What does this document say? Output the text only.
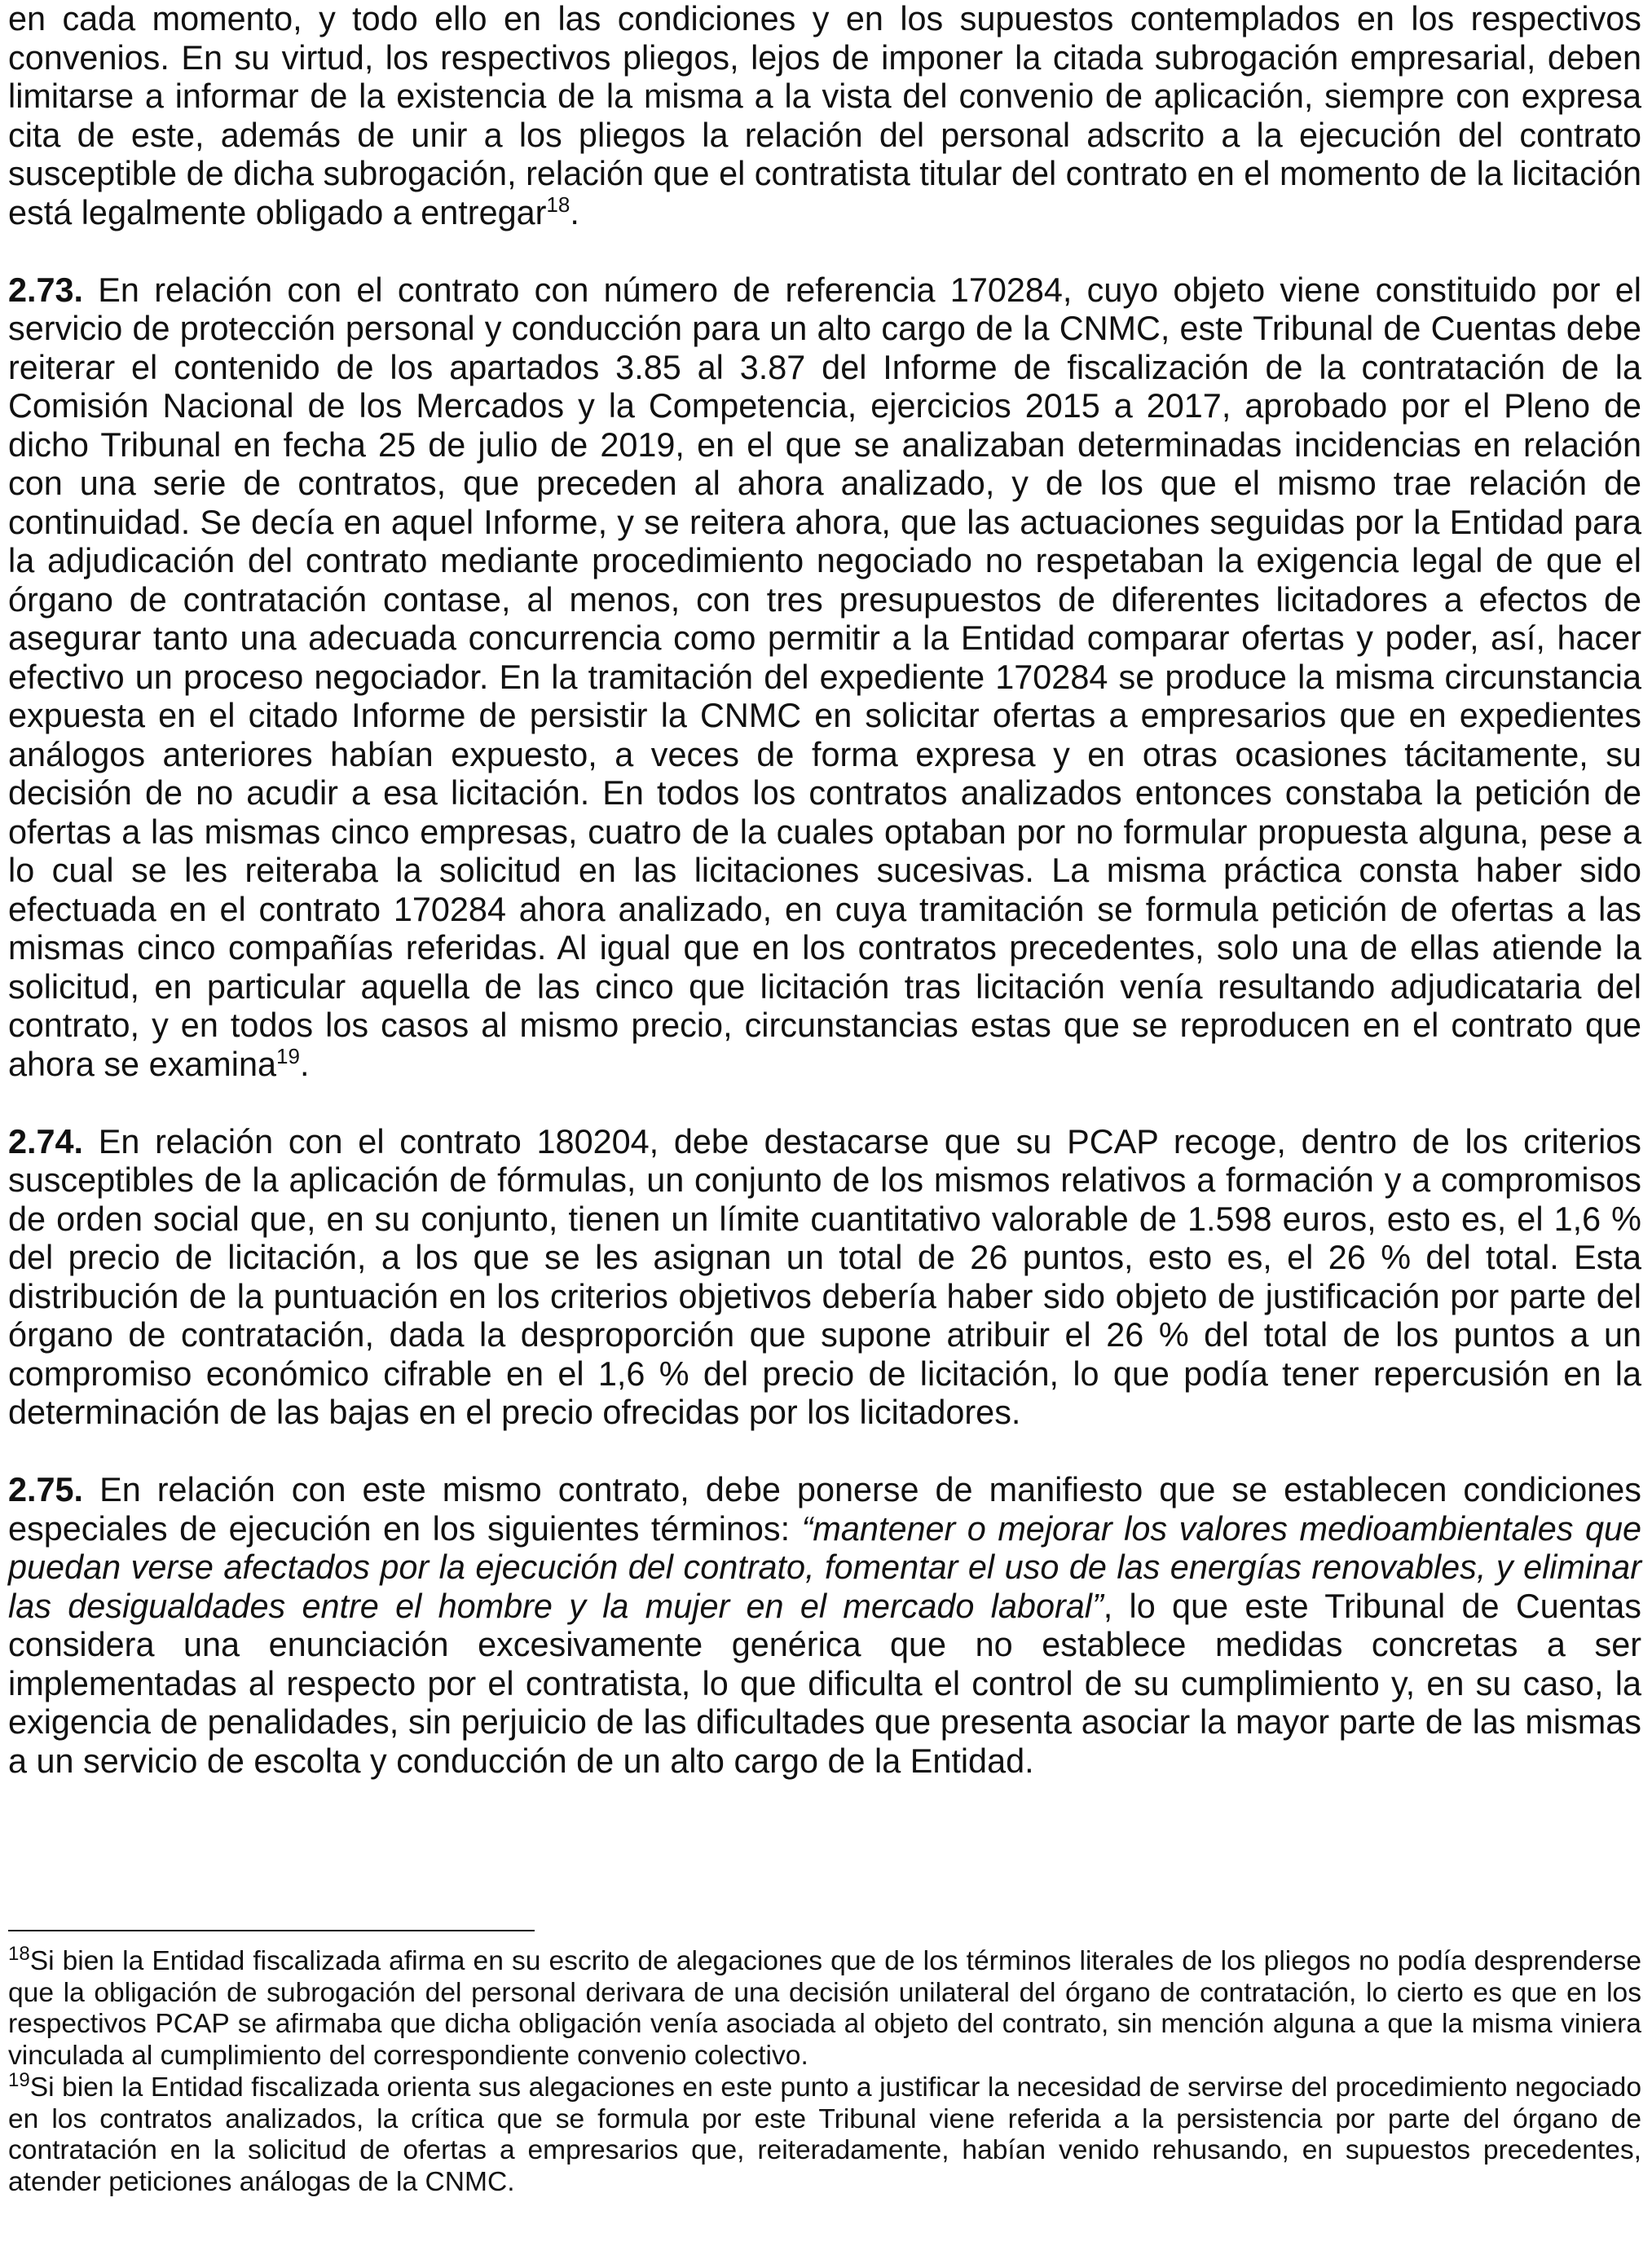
en cada momento, y todo ello en las condiciones y en los supuestos contemplados en los respectivos convenios. En su virtud, los respectivos pliegos, lejos de imponer la citada subrogación empresarial, deben limitarse a informar de la existencia de la misma a la vista del convenio de aplicación, siempre con expresa cita de este, además de unir a los pliegos la relación del personal adscrito a la ejecución del contrato susceptible de dicha subrogación, relación que el contratista titular del contrato en el momento de la licitación está legalmente obligado a entregar$^{18}$.

2.73. En relación con el contrato con número de referencia 170284, cuyo objeto viene constituido por el servicio de protección personal y conducción para un alto cargo de la CNMC, este Tribunal de Cuentas debe reiterar el contenido de los apartados 3.85 al 3.87 del Informe de fiscalización de la contratación de la Comisión Nacional de los Mercados y la Competencia, ejercicios 2015 a 2017, aprobado por el Pleno de dicho Tribunal en fecha 25 de julio de 2019, en el que se analizaban determinadas incidencias en relación con una serie de contratos, que preceden al ahora analizado, y de los que el mismo trae relación de continuidad. Se decía en aquel Informe, y se reitera ahora, que las actuaciones seguidas por la Entidad para la adjudicación del contrato mediante procedimiento negociado no respetaban la exigencia legal de que el órgano de contratación contase, al menos, con tres presupuestos de diferentes licitadores a efectos de asegurar tanto una adecuada concurrencia como permitir a la Entidad comparar ofertas y poder, así, hacer efectivo un proceso negociador. En la tramitación del expediente 170284 se produce la misma circunstancia expuesta en el citado Informe de persistir la CNMC en solicitar ofertas a empresarios que en expedientes análogos anteriores habían expuesto, a veces de forma expresa y en otras ocasiones tácitamente, su decisión de no acudir a esa licitación. En todos los contratos analizados entonces constaba la petición de ofertas a las mismas cinco empresas, cuatro de la cuales optaban por no formular propuesta alguna, pese a lo cual se les reiteraba la solicitud en las licitaciones sucesivas. La misma práctica consta haber sido efectuada en el contrato 170284 ahora analizado, en cuya tramitación se formula petición de ofertas a las mismas cinco compañías referidas. Al igual que en los contratos precedentes, solo una de ellas atiende la solicitud, en particular aquella de las cinco que licitación tras licitación venía resultando adjudicataria del contrato, y en todos los casos al mismo precio, circunstancias estas que se reproducen en el contrato que ahora se examina$^{19}$.

2.74. En relación con el contrato 180204, debe destacarse que su PCAP recoge, dentro de los criterios susceptibles de la aplicación de fórmulas, un conjunto de los mismos relativos a formación y a compromisos de orden social que, en su conjunto, tienen un límite cuantitativo valorable de 1.598 euros, esto es, el 1,6 % del precio de licitación, a los que se les asignan un total de 26 puntos, esto es, el 26 % del total. Esta distribución de la puntuación en los criterios objetivos debería haber sido objeto de justificación por parte del órgano de contratación, dada la desproporción que supone atribuir el 26 % del total de los puntos a un compromiso económico cifrable en el 1,6 % del precio de licitación, lo que podía tener repercusión en la determinación de las bajas en el precio ofrecidas por los licitadores.

2.75. En relación con este mismo contrato, debe ponerse de manifiesto que se establecen condiciones especiales de ejecución en los siguientes términos: “mantener o mejorar los valores medioambientales que puedan verse afectados por la ejecución del contrato, fomentar el uso de las energías renovables, y eliminar las desigualdades entre el hombre y la mujer en el mercado laboral”, lo que este Tribunal de Cuentas considera una enunciación excesivamente genérica que no establece medidas concretas a ser implementadas al respecto por el contratista, lo que dificulta el control de su cumplimiento y, en su caso, la exigencia de penalidades, sin perjuicio de las dificultades que presenta asociar la mayor parte de las mismas a un servicio de escolta y conducción de un alto cargo de la Entidad.

$^{18}$Si bien la Entidad fiscalizada afirma en su escrito de alegaciones que de los términos literales de los pliegos no podía desprenderse que la obligación de subrogación del personal derivara de una decisión unilateral del órgano de contratación, lo cierto es que en los respectivos PCAP se afirmaba que dicha obligación venía asociada al objeto del contrato, sin mención alguna a que la misma viniera vinculada al cumplimiento del correspondiente convenio colectivo.

$^{19}$Si bien la Entidad fiscalizada orienta sus alegaciones en este punto a justificar la necesidad de servirse del procedimiento negociado en los contratos analizados, la crítica que se formula por este Tribunal viene referida a la persistencia por parte del órgano de contratación en la solicitud de ofertas a empresarios que, reiteradamente, habían venido rehusando, en supuestos precedentes, atender peticiones análogas de la CNMC.
